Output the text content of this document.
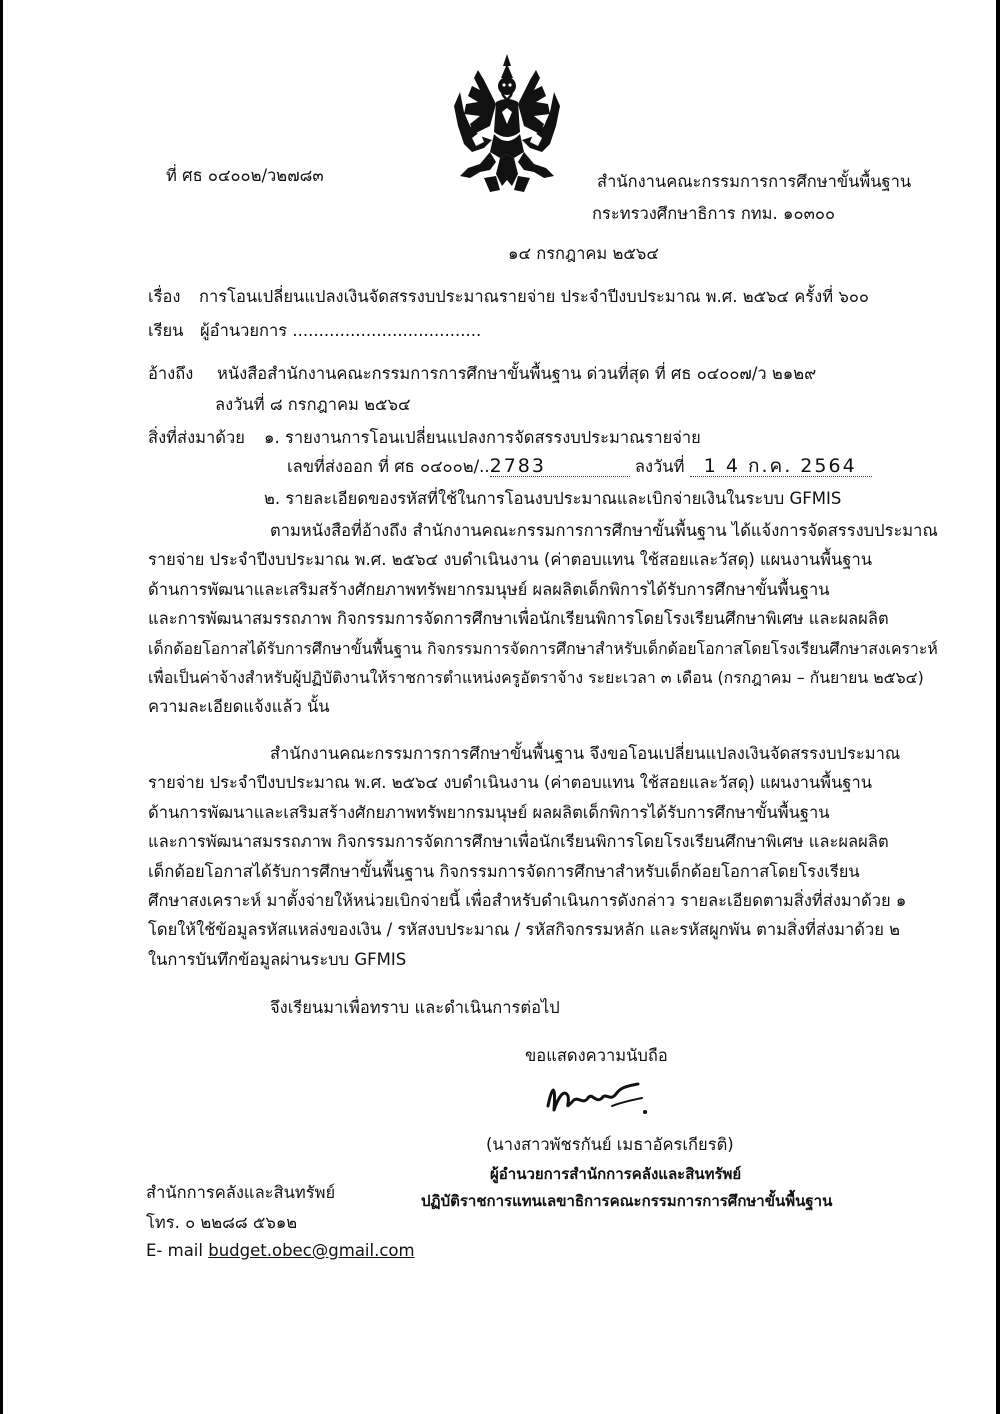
ที่ ศธ ๐๔๐๐๒/ว๒๗๘๓	สำนักงานคณะกรรมการการศึกษาขั้นพื้นฐาน
กระทรวงศึกษาธิการ กทม. ๑๐๓๐๐
๑๔ กรกฎาคม ๒๕๖๔
เรื่อง การโอนเปลี่ยนแปลงเงินจัดสรรงบประมาณรายจ่าย ประจำปีงบประมาณ พ.ศ. ๒๕๖๔ ครั้งที่ ๖๐๐
เรียน ผู้อำนวยการ ....................................
อ้างถึง หนังสือสำนักงานคณะกรรมการการศึกษาขั้นพื้นฐาน ด่วนที่สุด ที่ ศธ ๐๔๐๐๗/ว ๒๑๒๙
ลงวันที่ ๘ กรกฎาคม ๒๕๖๔
สิ่งที่ส่งมาด้วย ๑. รายงานการโอนเปลี่ยนแปลงการจัดสรรงบประมาณรายจ่าย
เลขที่ส่งออก ที่ ศธ ๐๔๐๐๒/..2783	ลงวันที่ 1 4 ก.ค. 2564
๒. รายละเอียดของรหัสที่ใช้ในการโอนงบประมาณและเบิกจ่ายเงินในระบบ GFMIS
ตามหนังสือที่อ้างถึง สำนักงานคณะกรรมการการศึกษาขั้นพื้นฐาน ได้แจ้งการจัดสรรงบประมาณ
รายจ่าย ประจำปีงบประมาณ พ.ศ. ๒๕๖๔ งบดำเนินงาน (ค่าตอบแทน ใช้สอยและวัสดุ) แผนงานพื้นฐาน
ด้านการพัฒนาและเสริมสร้างศักยภาพทรัพยากรมนุษย์ ผลผลิตเด็กพิการได้รับการศึกษาขั้นพื้นฐาน
และการพัฒนาสมรรถภาพ กิจกรรมการจัดการศึกษาเพื่อนักเรียนพิการโดยโรงเรียนศึกษาพิเศษ และผลผลิต
เด็กด้อยโอกาสได้รับการศึกษาขั้นพื้นฐาน กิจกรรมการจัดการศึกษาสำหรับเด็กด้อยโอกาสโดยโรงเรียนศึกษาสงเคราะห์
เพื่อเป็นค่าจ้างสำหรับผู้ปฏิบัติงานให้ราชการตำแหน่งครูอัตราจ้าง ระยะเวลา ๓ เดือน (กรกฎาคม – กันยายน ๒๕๖๔)
ความละเอียดแจ้งแล้ว นั้น
สำนักงานคณะกรรมการการศึกษาขั้นพื้นฐาน จึงขอโอนเปลี่ยนแปลงเงินจัดสรรงบประมาณ
รายจ่าย ประจำปีงบประมาณ พ.ศ. ๒๕๖๔ งบดำเนินงาน (ค่าตอบแทน ใช้สอยและวัสดุ) แผนงานพื้นฐาน
ด้านการพัฒนาและเสริมสร้างศักยภาพทรัพยากรมนุษย์ ผลผลิตเด็กพิการได้รับการศึกษาขั้นพื้นฐาน
และการพัฒนาสมรรถภาพ กิจกรรมการจัดการศึกษาเพื่อนักเรียนพิการโดยโรงเรียนศึกษาพิเศษ และผลผลิต
เด็กด้อยโอกาสได้รับการศึกษาขั้นพื้นฐาน กิจกรรมการจัดการศึกษาสำหรับเด็กด้อยโอกาสโดยโรงเรียน
ศึกษาสงเคราะห์ มาตั้งจ่ายให้หน่วยเบิกจ่ายนี้ เพื่อสำหรับดำเนินการดังกล่าว รายละเอียดตามสิ่งที่ส่งมาด้วย ๑
โดยให้ใช้ข้อมูลรหัสแหล่งของเงิน / รหัสงบประมาณ / รหัสกิจกรรมหลัก และรหัสผูกพัน ตามสิ่งที่ส่งมาด้วย ๒
ในการบันทึกข้อมูลผ่านระบบ GFMIS
จึงเรียนมาเพื่อทราบ และดำเนินการต่อไป
ขอแสดงความนับถือ
(นางสาวพัชรกันย์ เมธาอัครเกียรติ)
ผู้อำนวยการสำนักการคลังและสินทรัพย์
ปฏิบัติราชการแทนเลขาธิการคณะกรรมการการศึกษาขั้นพื้นฐาน
สำนักการคลังและสินทรัพย์
โทร. ๐ ๒๒๘๘ ๕๖๑๒
E- mail budget.obec@gmail.com
